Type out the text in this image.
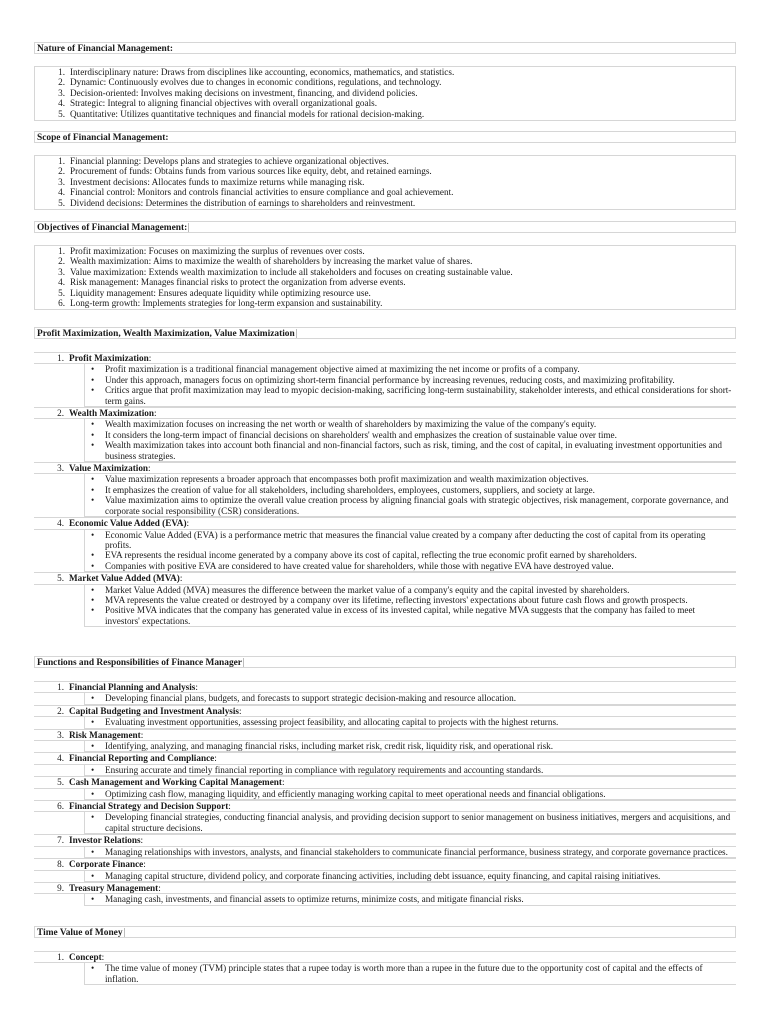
Nature of Financial Management:
1. Interdisciplinary nature: Draws from disciplines like accounting, economics, mathematics, and statistics.
2. Dynamic: Continuously evolves due to changes in economic conditions, regulations, and technology.
3. Decision-oriented: Involves making decisions on investment, financing, and dividend policies.
4. Strategic: Integral to aligning financial objectives with overall organizational goals.
5. Quantitative: Utilizes quantitative techniques and financial models for rational decision-making.
Scope of Financial Management:
1. Financial planning: Develops plans and strategies to achieve organizational objectives.
2. Procurement of funds: Obtains funds from various sources like equity, debt, and retained earnings.
3. Investment decisions: Allocates funds to maximize returns while managing risk.
4. Financial control: Monitors and controls financial activities to ensure compliance and goal achievement.
5. Dividend decisions: Determines the distribution of earnings to shareholders and reinvestment.
Objectives of Financial Management:
1. Profit maximization: Focuses on maximizing the surplus of revenues over costs.
2. Wealth maximization: Aims to maximize the wealth of shareholders by increasing the market value of shares.
3. Value maximization: Extends wealth maximization to include all stakeholders and focuses on creating sustainable value.
4. Risk management: Manages financial risks to protect the organization from adverse events.
5. Liquidity management: Ensures adequate liquidity while optimizing resource use.
6. Long-term growth: Implements strategies for long-term expansion and sustainability.
Profit Maximization, Wealth Maximization, Value Maximization
1. Profit Maximization:
• Profit maximization is a traditional financial management objective aimed at maximizing the net income or profits of a company.
• Under this approach, managers focus on optimizing short-term financial performance by increasing revenues, reducing costs, and maximizing profitability.
• Critics argue that profit maximization may lead to myopic decision-making, sacrificing long-term sustainability, stakeholder interests, and ethical considerations for short-term gains.
2. Wealth Maximization:
• Wealth maximization focuses on increasing the net worth or wealth of shareholders by maximizing the value of the company's equity.
• It considers the long-term impact of financial decisions on shareholders' wealth and emphasizes the creation of sustainable value over time.
• Wealth maximization takes into account both financial and non-financial factors, such as risk, timing, and the cost of capital, in evaluating investment opportunities and business strategies.
3. Value Maximization:
• Value maximization represents a broader approach that encompasses both profit maximization and wealth maximization objectives.
• It emphasizes the creation of value for all stakeholders, including shareholders, employees, customers, suppliers, and society at large.
• Value maximization aims to optimize the overall value creation process by aligning financial goals with strategic objectives, risk management, corporate governance, and corporate social responsibility (CSR) considerations.
4. Economic Value Added (EVA):
• Economic Value Added (EVA) is a performance metric that measures the financial value created by a company after deducting the cost of capital from its operating profits.
• EVA represents the residual income generated by a company above its cost of capital, reflecting the true economic profit earned by shareholders.
• Companies with positive EVA are considered to have created value for shareholders, while those with negative EVA have destroyed value.
5. Market Value Added (MVA):
• Market Value Added (MVA) measures the difference between the market value of a company's equity and the capital invested by shareholders.
• MVA represents the value created or destroyed by a company over its lifetime, reflecting investors' expectations about future cash flows and growth prospects.
• Positive MVA indicates that the company has generated value in excess of its invested capital, while negative MVA suggests that the company has failed to meet investors' expectations.
Functions and Responsibilities of Finance Manager
1. Financial Planning and Analysis:
• Developing financial plans, budgets, and forecasts to support strategic decision-making and resource allocation.
2. Capital Budgeting and Investment Analysis:
• Evaluating investment opportunities, assessing project feasibility, and allocating capital to projects with the highest returns.
3. Risk Management:
• Identifying, analyzing, and managing financial risks, including market risk, credit risk, liquidity risk, and operational risk.
4. Financial Reporting and Compliance:
• Ensuring accurate and timely financial reporting in compliance with regulatory requirements and accounting standards.
5. Cash Management and Working Capital Management:
• Optimizing cash flow, managing liquidity, and efficiently managing working capital to meet operational needs and financial obligations.
6. Financial Strategy and Decision Support:
• Developing financial strategies, conducting financial analysis, and providing decision support to senior management on business initiatives, mergers and acquisitions, and capital structure decisions.
7. Investor Relations:
• Managing relationships with investors, analysts, and financial stakeholders to communicate financial performance, business strategy, and corporate governance practices.
8. Corporate Finance:
• Managing capital structure, dividend policy, and corporate financing activities, including debt issuance, equity financing, and capital raising initiatives.
9. Treasury Management:
• Managing cash, investments, and financial assets to optimize returns, minimize costs, and mitigate financial risks.
Time Value of Money
1. Concept:
• The time value of money (TVM) principle states that a rupee today is worth more than a rupee in the future due to the opportunity cost of capital and the effects of inflation.
